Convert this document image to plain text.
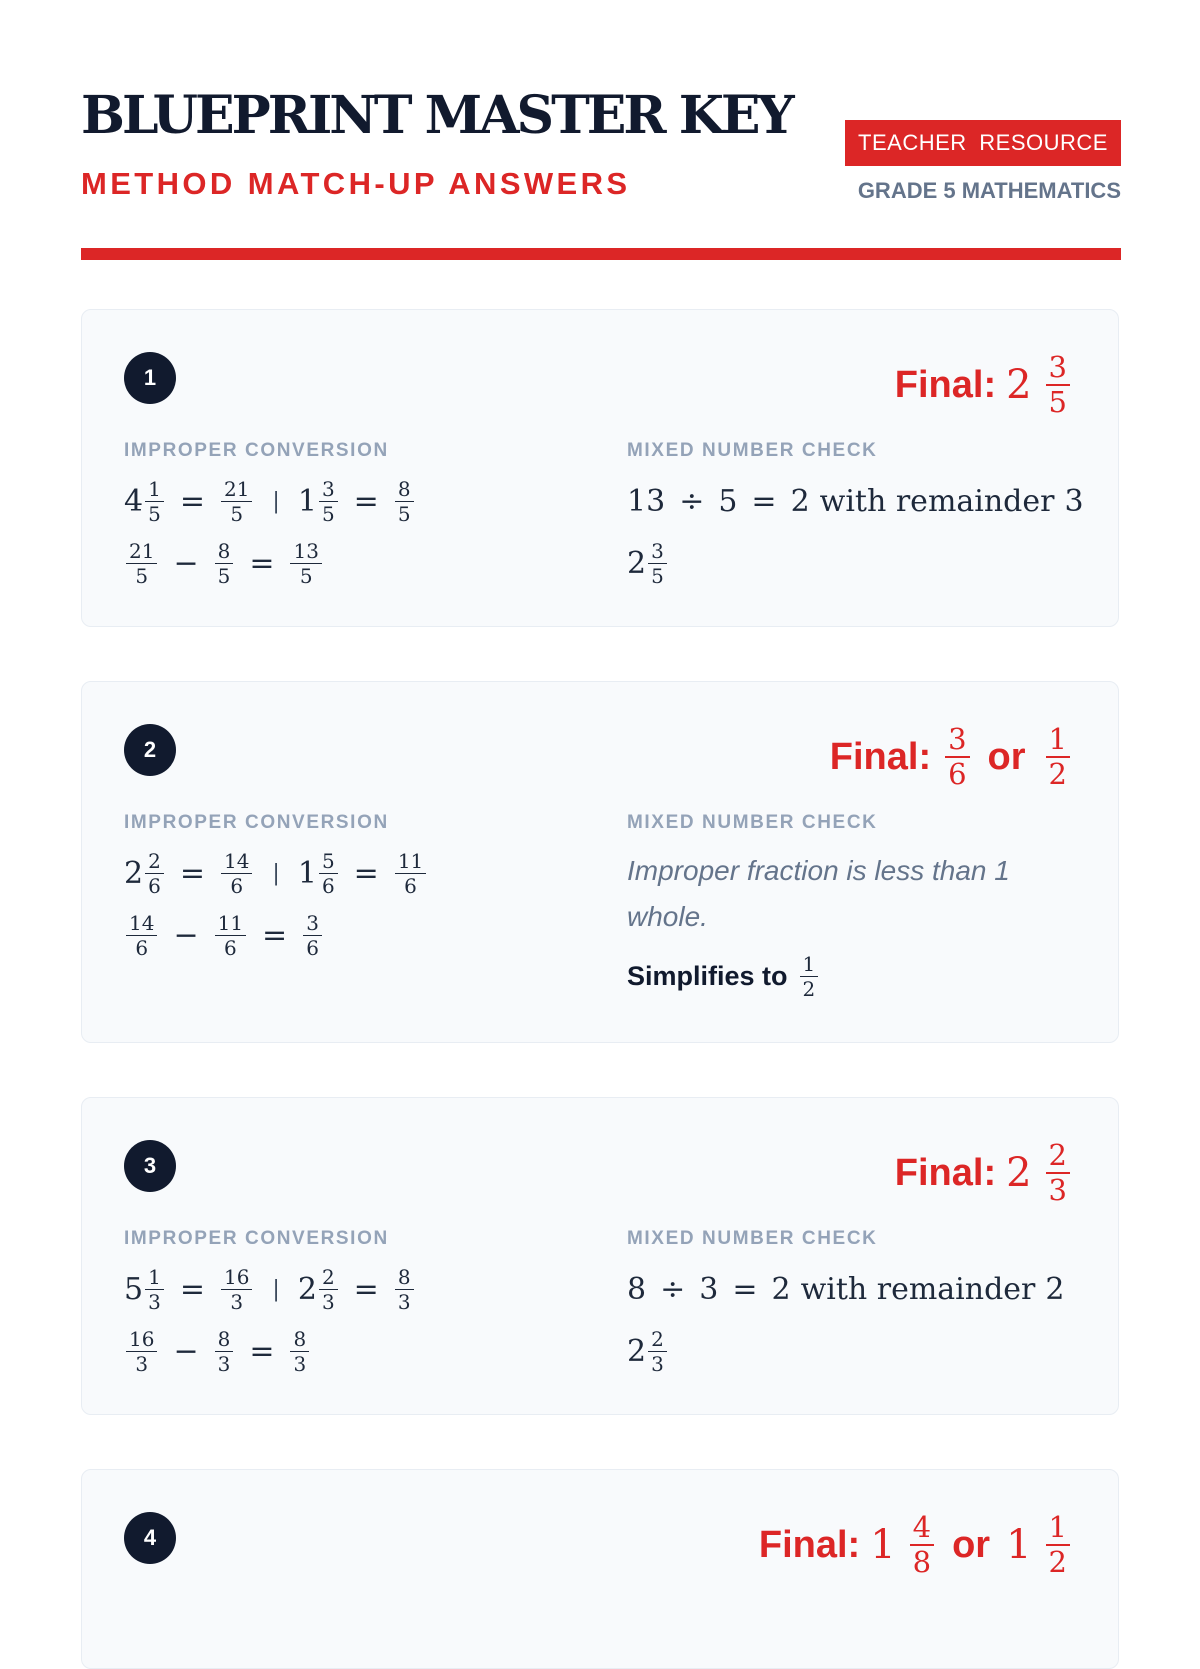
BLUEPRINT MASTER KEY
METHOD MATCH-UP ANSWERS
TEACHER RESOURCE
GRADE 5 MATHEMATICS
1	Final: $2 \frac{3}{5}$
IMPROPER CONVERSION	MIXED NUMBER CHECK
$4 \frac{1}{5} = \frac{21}{5}$ | $1 \frac{3}{5} = \frac{8}{5}$
$\frac{21}{5} - \frac{8}{5} = \frac{13}{5}$
13 ÷ 5 = 2 with remainder 3
$2 \frac{3}{5}$
2	Final: $\frac{3}{6}$ or $\frac{1}{2}$
IMPROPER CONVERSION	MIXED NUMBER CHECK
$2 \frac{2}{6} = \frac{14}{6}$ | $1 \frac{5}{6} = \frac{11}{6}$
$\frac{14}{6} - \frac{11}{6} = \frac{3}{6}$
Improper fraction is less than 1 whole.
Simplifies to $\frac{1}{2}$
3	Final: $2 \frac{2}{3}$
IMPROPER CONVERSION	MIXED NUMBER CHECK
$5 \frac{1}{3} = \frac{16}{3}$ | $2 \frac{2}{3} = \frac{8}{3}$
$\frac{16}{3} - \frac{8}{3} = \frac{8}{3}$
8 ÷ 3 = 2 with remainder 2
$2 \frac{2}{3}$
4	Final: $1 \frac{4}{8}$ or $1 \frac{1}{2}$
